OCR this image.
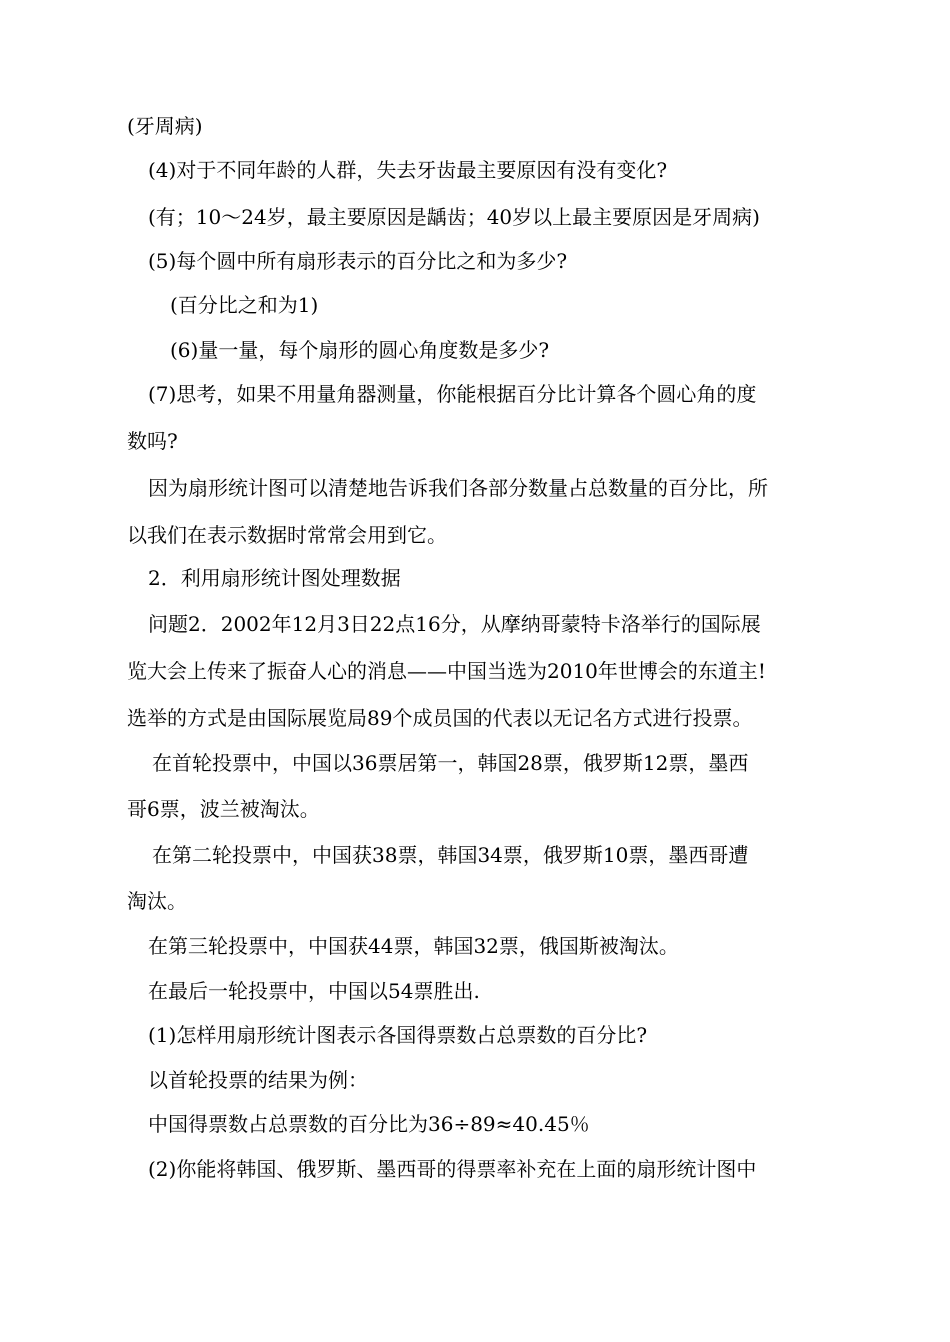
(牙周病)
(4)对于不同年龄的人群，失去牙齿最主要原因有没有变化?
(有；10～24岁，最主要原因是龋齿；40岁以上最主要原因是牙周病)
(5)每个圆中所有扇形表示的百分比之和为多少?
(百分比之和为1)
(6)量一量，每个扇形的圆心角度数是多少?
(7)思考，如果不用量角器测量，你能根据百分比计算各个圆心角的度
数吗?
因为扇形统计图可以清楚地告诉我们各部分数量占总数量的百分比，所
以我们在表示数据时常常会用到它。
2．利用扇形统计图处理数据
问题2．2002年12月3日22点16分，从摩纳哥蒙特卡洛举行的国际展
览大会上传来了振奋人心的消息——中国当选为2010年世博会的东道主!
选举的方式是由国际展览局89个成员国的代表以无记名方式进行投票。
在首轮投票中，中国以36票居第一，韩国28票，俄罗斯12票，墨西
哥6票，波兰被淘汰。
在第二轮投票中，中国获38票，韩国34票，俄罗斯10票，墨西哥遭
淘汰。
在第三轮投票中，中国获44票，韩国32票，俄国斯被淘汰。
在最后一轮投票中，中国以54票胜出.
(1)怎样用扇形统计图表示各国得票数占总票数的百分比?
以首轮投票的结果为例：
中国得票数占总票数的百分比为36÷89≈40.45％
(2)你能将韩国、俄罗斯、墨西哥的得票率补充在上面的扇形统计图中
